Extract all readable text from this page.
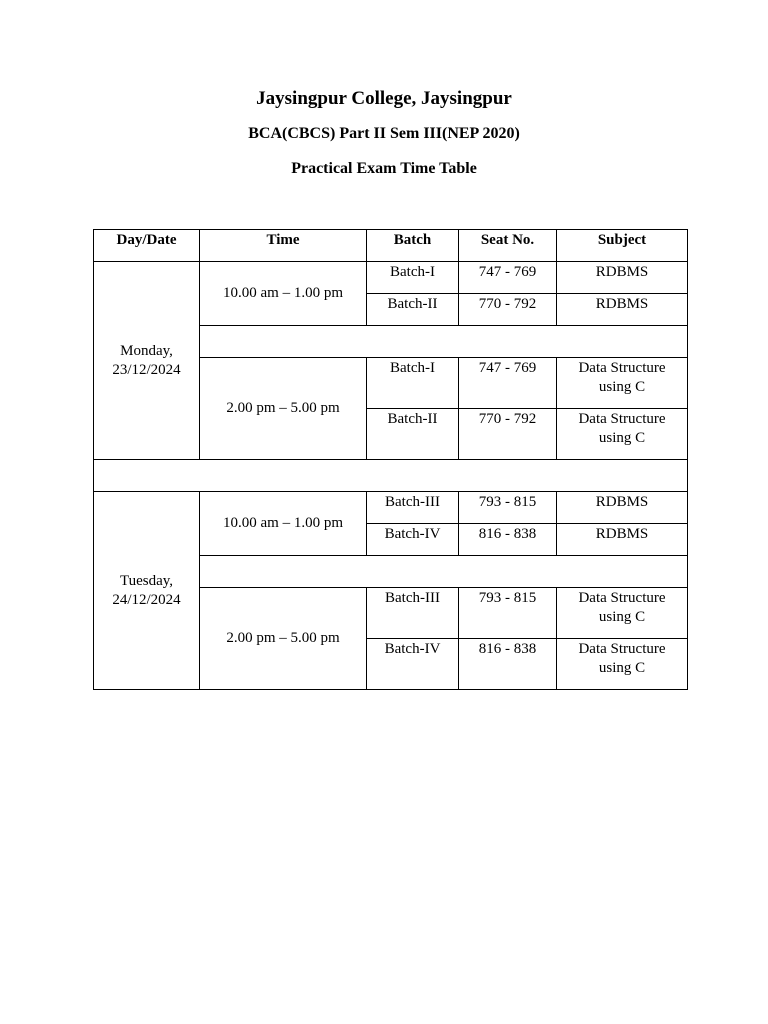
Jaysingpur College, Jaysingpur
BCA(CBCS) Part II Sem III(NEP 2020)
Practical Exam Time Table
Day/Date	Time	Batch	Seat No.	Subject

Monday,
23/12/2024	10.00 am – 1.00 pm	Batch-I	747 - 769	RDBMS

		Batch-II	770 - 792	RDBMS

	2.00 pm – 5.00 pm	Batch-I	747 - 769	Data Structure
using C

		Batch-II	770 - 792	Data Structure
using C

Tuesday,
24/12/2024	10.00 am – 1.00 pm	Batch-III	793 - 815	RDBMS

		Batch-IV	816 - 838	RDBMS

	2.00 pm – 5.00 pm	Batch-III	793 - 815	Data Structure
using C

		Batch-IV	816 - 838	Data Structure
using C
